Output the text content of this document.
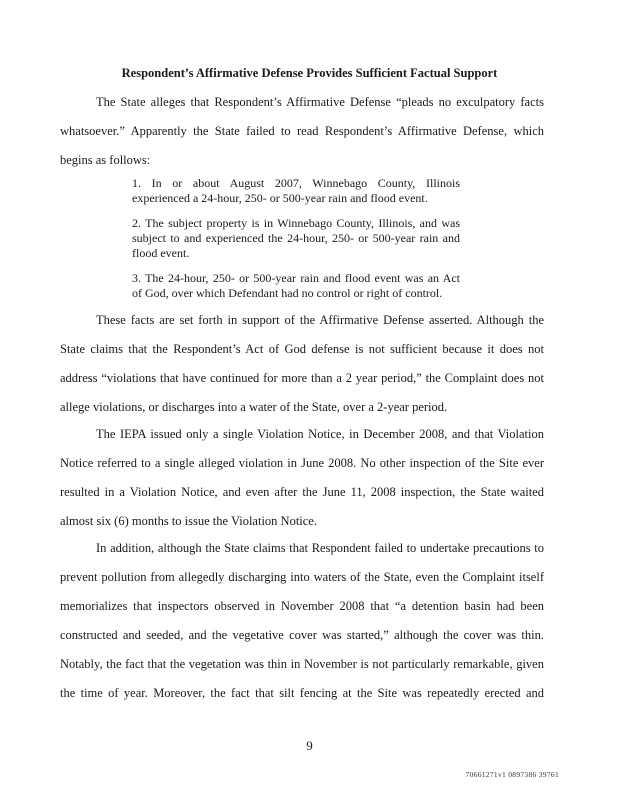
Respondent’s Affirmative Defense Provides Sufficient Factual Support
The State alleges that Respondent’s Affirmative Defense “pleads no exculpatory facts
whatsoever.” Apparently the State failed to read Respondent’s Affirmative Defense, which
begins as follows:
1. In or about August 2007, Winnebago County, Illinois
experienced a 24-hour, 250- or 500-year rain and flood event.
2. The subject property is in Winnebago County, Illinois, and was
subject to and experienced the 24-hour, 250- or 500-year rain and
flood event.
3. The 24-hour, 250- or 500-year rain and flood event was an Act
of God, over which Defendant had no control or right of control.
These facts are set forth in support of the Affirmative Defense asserted. Although the
State claims that the Respondent’s Act of God defense is not sufficient because it does not
address “violations that have continued for more than a 2 year period,” the Complaint does not
allege violations, or discharges into a water of the State, over a 2-year period.
The IEPA issued only a single Violation Notice, in December 2008, and that Violation
Notice referred to a single alleged violation in June 2008. No other inspection of the Site ever
resulted in a Violation Notice, and even after the June 11, 2008 inspection, the State waited
almost six (6) months to issue the Violation Notice.
In addition, although the State claims that Respondent failed to undertake precautions to
prevent pollution from allegedly discharging into waters of the State, even the Complaint itself
memorializes that inspectors observed in November 2008 that “a detention basin had been
constructed and seeded, and the vegetative cover was started,” although the cover was thin.
Notably, the fact that the vegetation was thin in November is not particularly remarkable, given
the time of year. Moreover, the fact that silt fencing at the Site was repeatedly erected and
9
70661271v1 0897386 39761
